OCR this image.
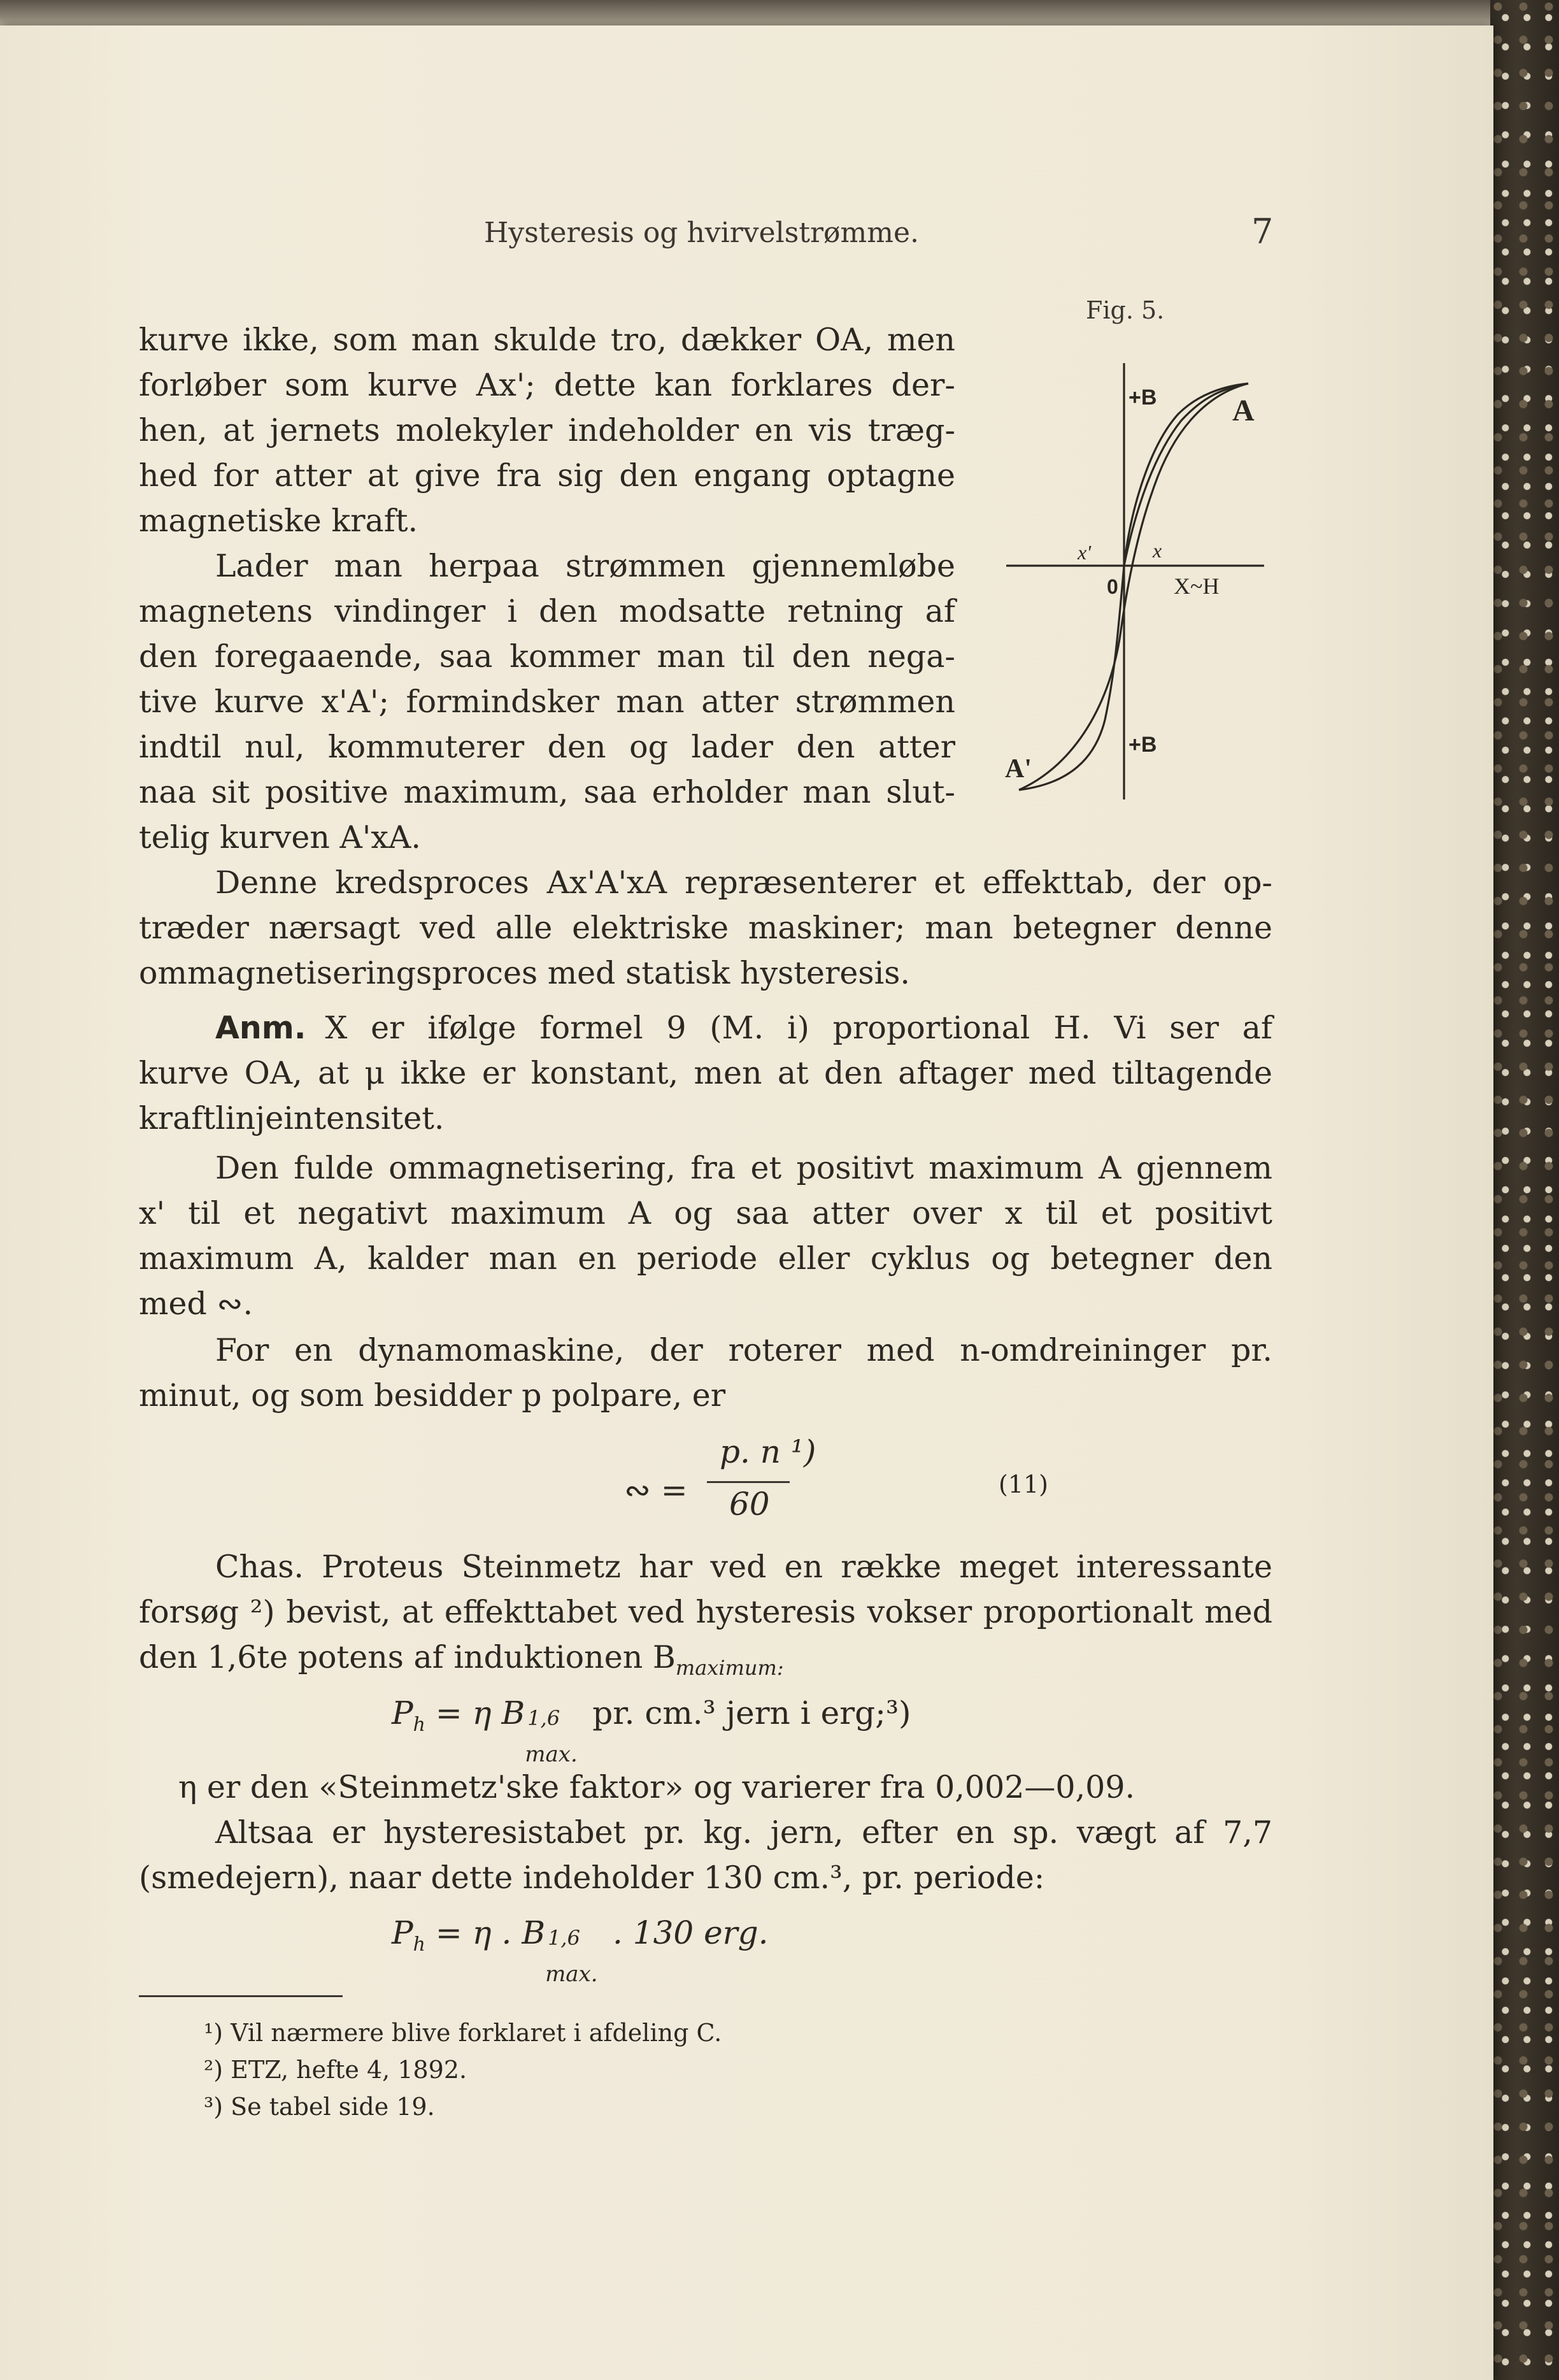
Hysteresis og hvirvelstrømme.	7
Fig. 5.
+B A
x'	x
0 X~H
+B
A'
kurve ikke, som man skulde tro, dækker OA, men
forløber som kurve Ax'; dette kan forklares der-
hen, at jernets molekyler indeholder en vis træg-
hed for atter at give fra sig den engang optagne
magnetiske kraft.
Lader man herpaa strømmen gjennemløbe
magnetens vindinger i den modsatte retning af
den foregaaende, saa kommer man til den nega-
tive kurve x'A'; formindsker man atter strømmen
indtil nul, kommuterer den og lader den atter
naa sit positive maximum, saa erholder man slut-
telig kurven A'xA.
Denne kredsproces Ax'A'xA repræsenterer et effekttab, der op-
træder nærsagt ved alle elektriske maskiner; man betegner denne
ommagnetiseringsproces med statisk hysteresis.
Anm. X er ifølge formel 9 (M. i) proportional H. Vi ser af
kurve OA, at μ ikke er konstant, men at den aftager med tiltagende
kraftlinjeintensitet.
Den fulde ommagnetisering, fra et positivt maximum A gjennem
x' til et negativt maximum A og saa atter over x til et positivt
maximum A, kalder man en periode eller cyklus og betegner den
med ∾.
For en dynamomaskine, der roterer med n-omdreininger pr.
minut, og som besidder p polpare, er
∾ =
p. n ¹)
60
(11)
Chas. Proteus Steinmetz har ved en række meget interessante
forsøg ²) bevist, at effekttabet ved hysteresis vokser proportionalt med
den 1,6te potens af induktionen $B_{maximum:}$
$P_h = \eta$ B 1,6
max.
pr. cm.³ jern i erg;³)
η er den «Steinmetz'ske faktor» og varierer fra 0,002—0,09.
Altsaa er hysteresistabet pr. kg. jern, efter en sp. vægt af 7,7
(smedejern), naar dette indeholder 130 cm.³, pr. periode:
$P_h = \eta$ . B 1,6
max.
. 130 erg.
¹) Vil nærmere blive forklaret i afdeling C.
²) ETZ, hefte 4, 1892.
³) Se tabel side 19.
